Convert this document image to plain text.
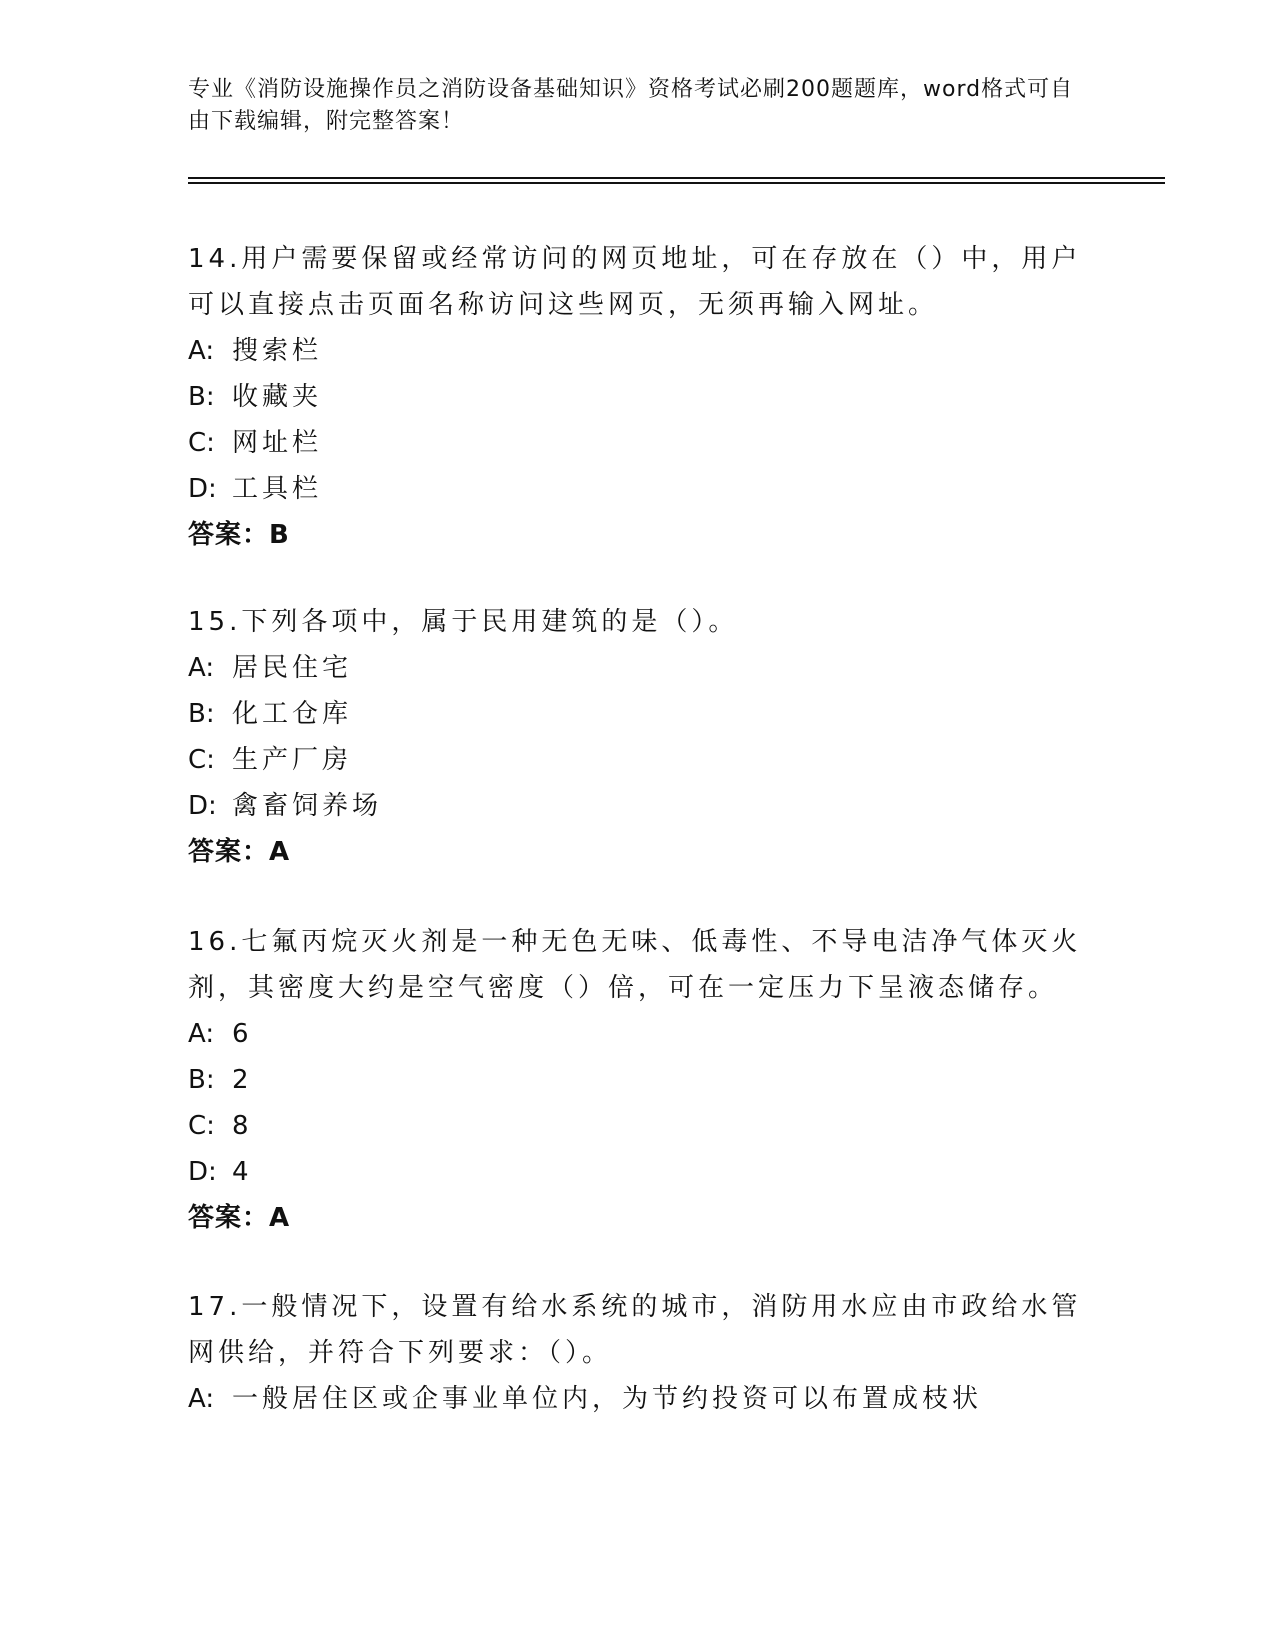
专业《消防设施操作员之消防设备基础知识》资格考试必刷200题题库，word格式可自由下载编辑，附完整答案！

14.用户需要保留或经常访问的网页地址，可在存放在（）中，用户可以直接点击页面名称访问这些网页，无须再输入网址。

A: 搜索栏

B: 收藏夹

C: 网址栏

D: 工具栏

答案：B

15.下列各项中，属于民用建筑的是（）。

A: 居民住宅

B: 化工仓库

C: 生产厂房

D: 禽畜饲养场

答案：A

16.七氟丙烷灭火剂是一种无色无味、低毒性、不导电洁净气体灭火剂，其密度大约是空气密度（）倍，可在一定压力下呈液态储存。

A: 6

B: 2

C: 8

D: 4

答案：A

17.一般情况下，设置有给水系统的城市，消防用水应由市政给水管网供给，并符合下列要求：（）。

A: 一般居住区或企事业单位内，为节约投资可以布置成枝状
